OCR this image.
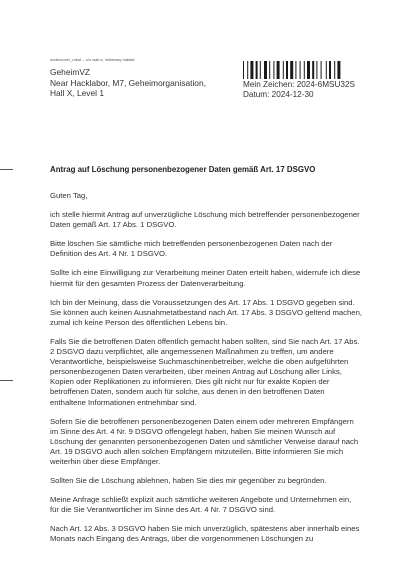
undercover_robot – c/o wall-e, milkeway habitat
GeheimVZ
Near Hacklabor, M7, Geheimorganisation,
Hall X, Level 1
Mein Zeichen: 2024-6MSU32S
Datum: 2024-12-30
Antrag auf Löschung personenbezogener Daten gemäß Art. 17 DSGVO

Guten Tag,

ich stelle hiermit Antrag auf unverzügliche Löschung mich betreffender personenbezogener Daten gemäß Art. 17 Abs. 1 DSGVO.

Bitte löschen Sie sämtliche mich betreffenden personenbezogenen Daten nach der Definition des Art. 4 Nr. 1 DSGVO.

Sollte ich eine Einwilligung zur Verarbeitung meiner Daten erteilt haben, widerrufe ich diese hiermit für den gesamten Prozess der Datenverarbeitung.

Ich bin der Meinung, dass die Voraussetzungen des Art. 17 Abs. 1 DSGVO gegeben sind. Sie können auch keinen Ausnahmetatbestand nach Art. 17 Abs. 3 DSGVO geltend machen, zumal ich keine Person des öffentlichen Lebens bin.

Falls Sie die betroffenen Daten öffentlich gemacht haben sollten, sind Sie nach Art. 17 Abs. 2 DSGVO dazu verpflichtet, alle angemessenen Maßnahmen zu treffen, um andere Verantwortliche, beispielsweise Suchmaschinenbetreiber, welche die oben aufgeführten personenbezogenen Daten verarbeiten, über meinen Antrag auf Löschung aller Links, Kopien oder Replikationen zu informieren. Dies gilt nicht nur für exakte Kopien der betroffenen Daten, sondern auch für solche, aus denen in den betroffenen Daten enthaltene Informationen entnehmbar sind.

Sofern Sie die betroffenen personenbezogenen Daten einem oder mehreren Empfängern im Sinne des Art. 4 Nr. 9 DSGVO offengelegt haben, haben Sie meinen Wunsch auf Löschung der genannten personenbezogenen Daten und sämtlicher Verweise darauf nach Art. 19 DSGVO auch allen solchen Empfängern mitzuteilen. Bitte informieren Sie mich weiterhin über diese Empfänger.

Sollten Sie die Löschung ablehnen, haben Sie dies mir gegenüber zu begründen.

Meine Anfrage schließt explizit auch sämtliche weiteren Angebote und Unternehmen ein, für die Sie Verantwortlicher im Sinne des Art. 4 Nr. 7 DSGVO sind.

Nach Art. 12 Abs. 3 DSGVO haben Sie mich unverzüglich, spätestens aber innerhalb eines Monats nach Eingang des Antrags, über die vorgenommenen Löschungen zu
